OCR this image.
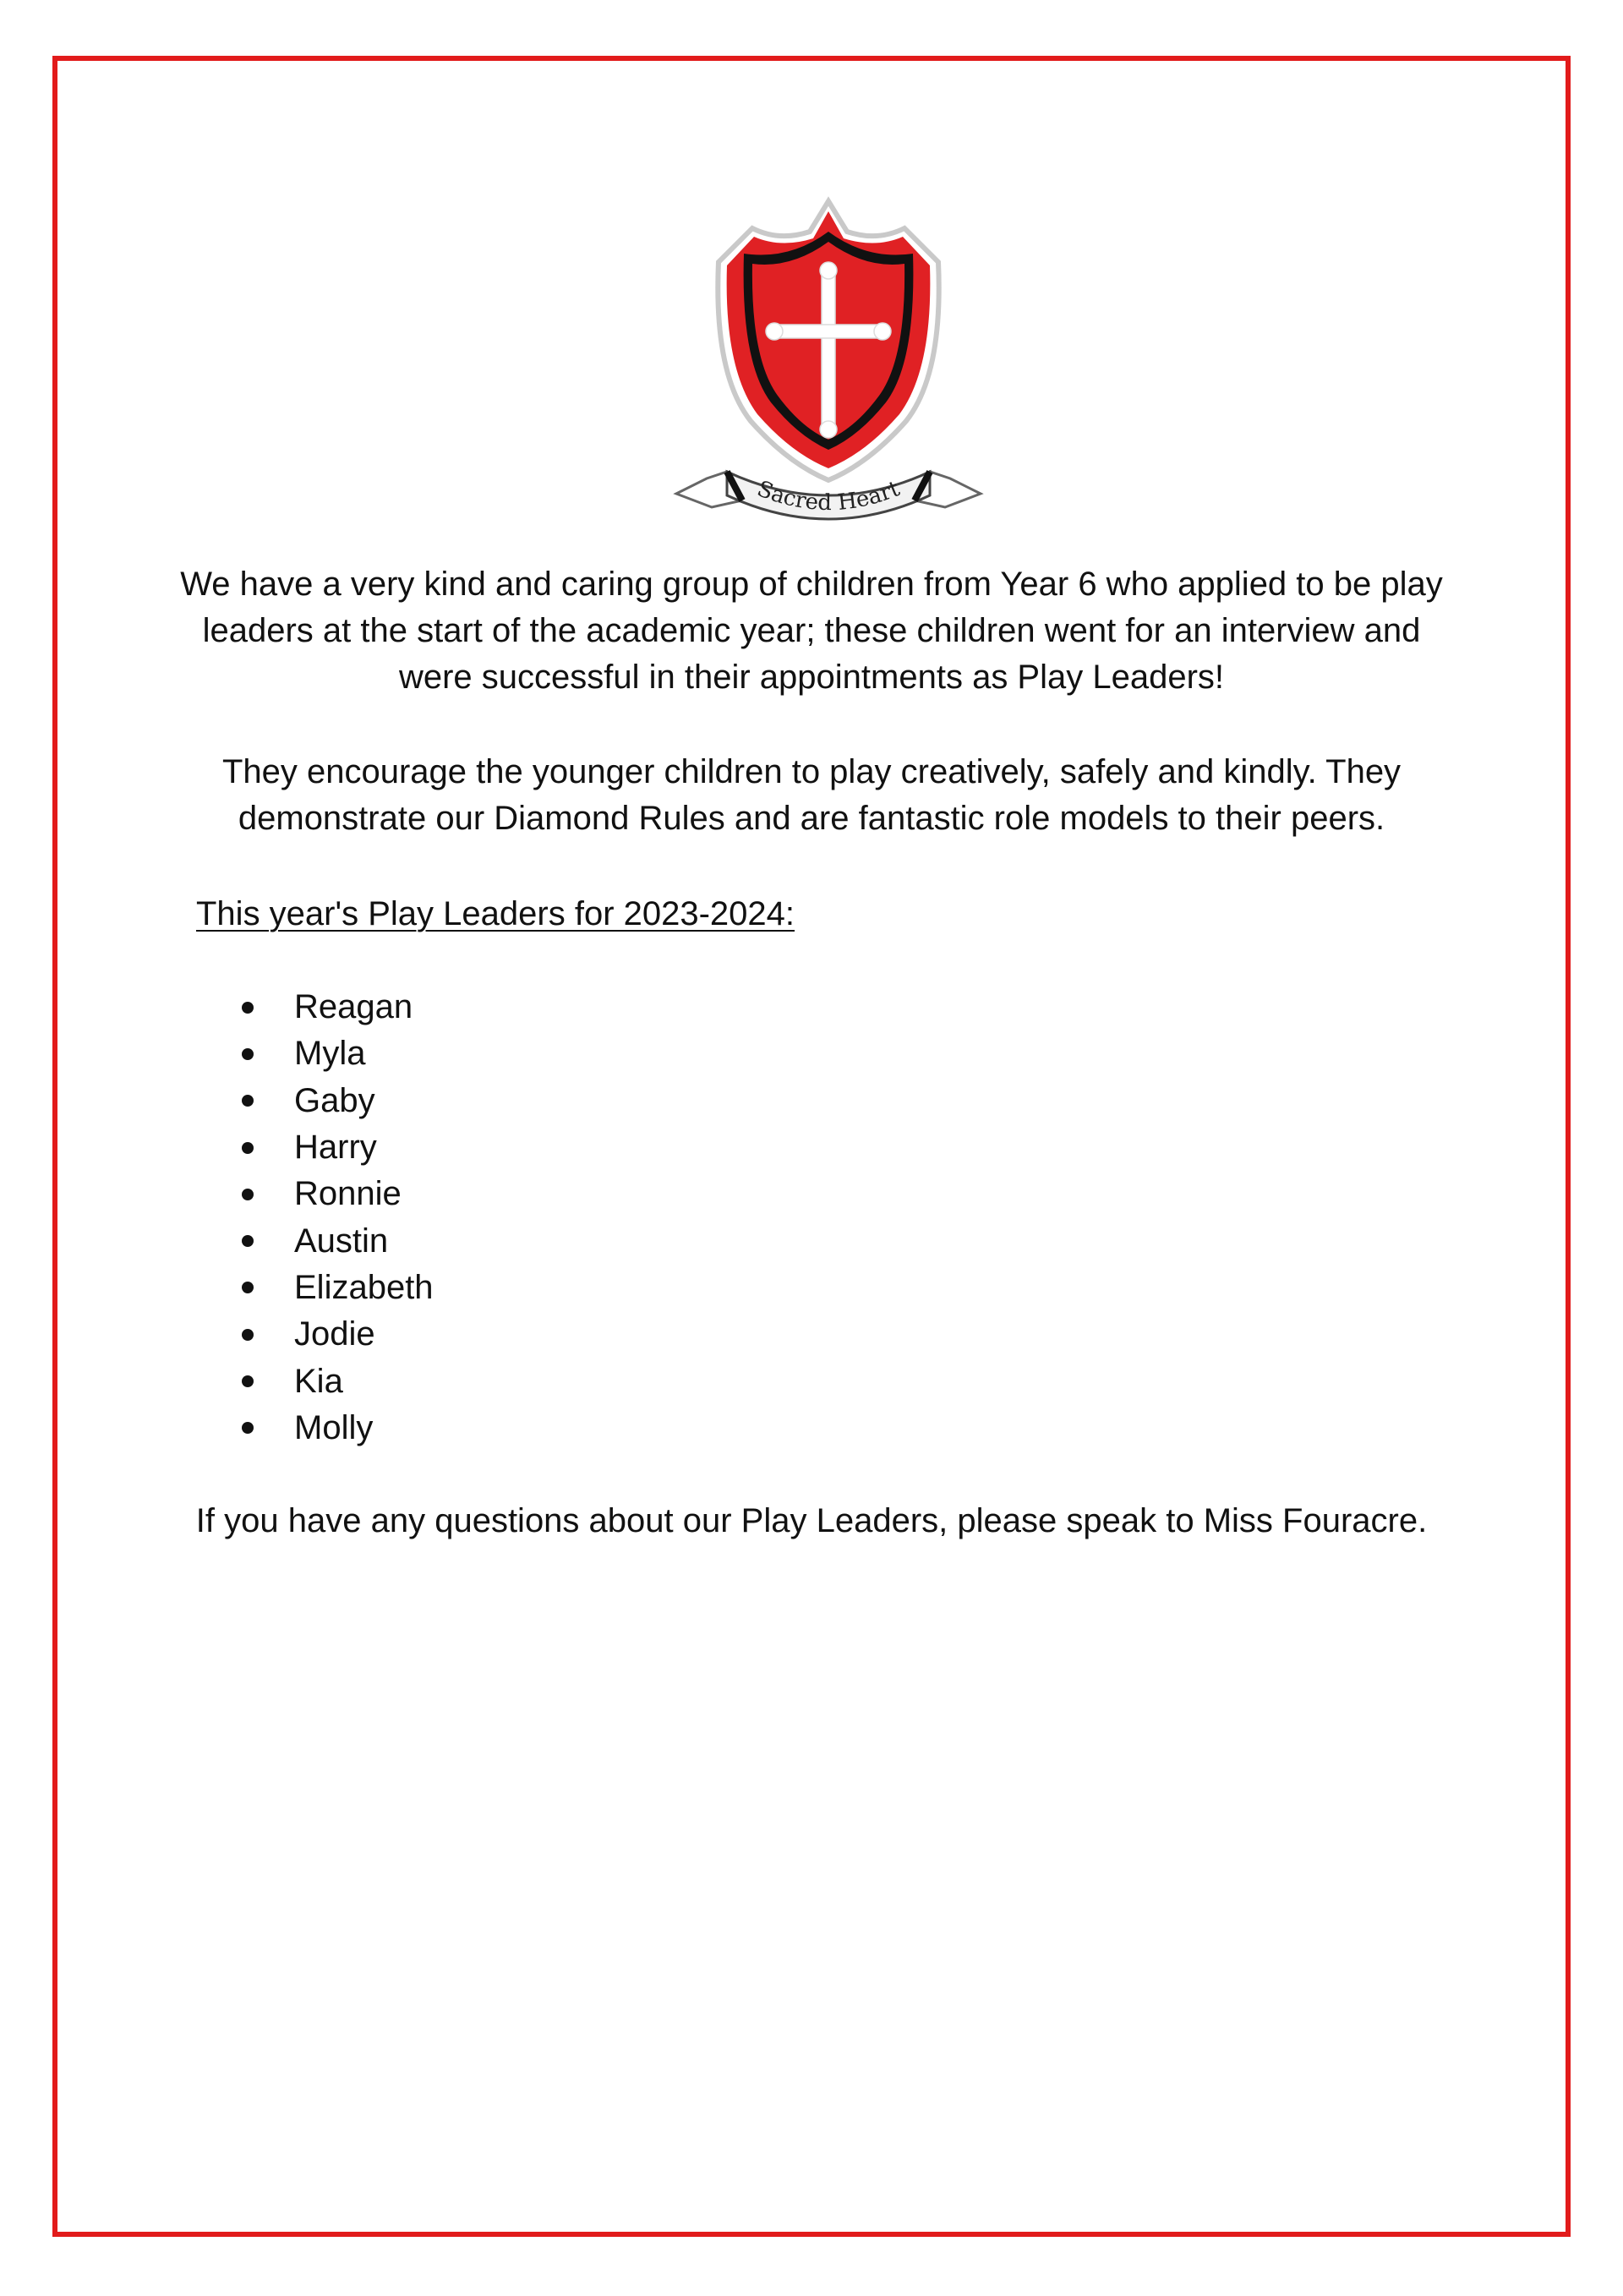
Sacred Heart

We have a very kind and caring group of children from Year 6 who applied to be play leaders at the start of the academic year; these children went for an interview and were successful in their appointments as Play Leaders!

They encourage the younger children to play creatively, safely and kindly. They demonstrate our Diamond Rules and are fantastic role models to their peers.

This year's Play Leaders for 2023-2024:

Reagan
Myla
Gaby
Harry
Ronnie
Austin
Elizabeth
Jodie
Kia
Molly

If you have any questions about our Play Leaders, please speak to Miss Fouracre.
